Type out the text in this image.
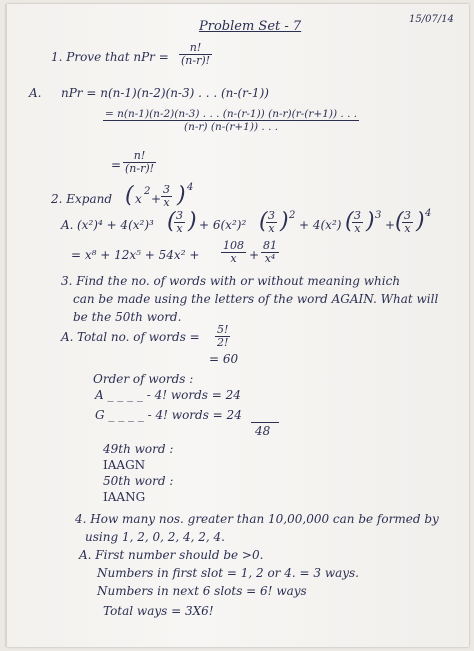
15/07/14
Problem Set - 7
1. Prove that nPr = $\frac{n!}{(n-r)!}$
A. nPr = n(n-1)(n-2)(n-3) . . . (n-(r-1))
$\frac{= n(n-1)(n-2)(n-3) . . . (n-(r-1)) (n-r)(r-(r+1)) . . .}{(n-r) (n-(r+1)) . . .}$
= $\frac{n!}{(n-r)!}$
2. Expand ( x
2
+ $\frac{3}{x}$ ) 4
A. (x²)⁴ + 4(x²)³ (
$\frac{3}{x}$ ) + 6(x²)² (
$\frac{3}{x}$ ) 2
+ 4(x²) (
$\frac{3}{x}$ ) 3
+ (
$\frac{3}{x}$ ) 4
= $x^8 + 12x^5 + 54x^2 + \frac{108}{x} + \frac{81}{\text{x⁴}}$
3. Find the no. of words with or without meaning which
can be made using the letters of the word AGAIN. What will
be the 50th word.
A. Total no. of words = $\frac{5!}{2!}$
= 60
Order of words :
A _ _ _ _ - 4! words = 24
G _ _ _ _ - 4! words = 24
48
49th word :
IAAGN
50th word :
IAANG
4. How many nos. greater than 10,00,000 can be formed by
using 1, 2, 0, 2, 4, 2, 4.
A. First number should be >0.
Numbers in first slot = 1, 2 or 4. = 3 ways.
Numbers in next 6 slots = 6! ways
Total ways = 3X6!
